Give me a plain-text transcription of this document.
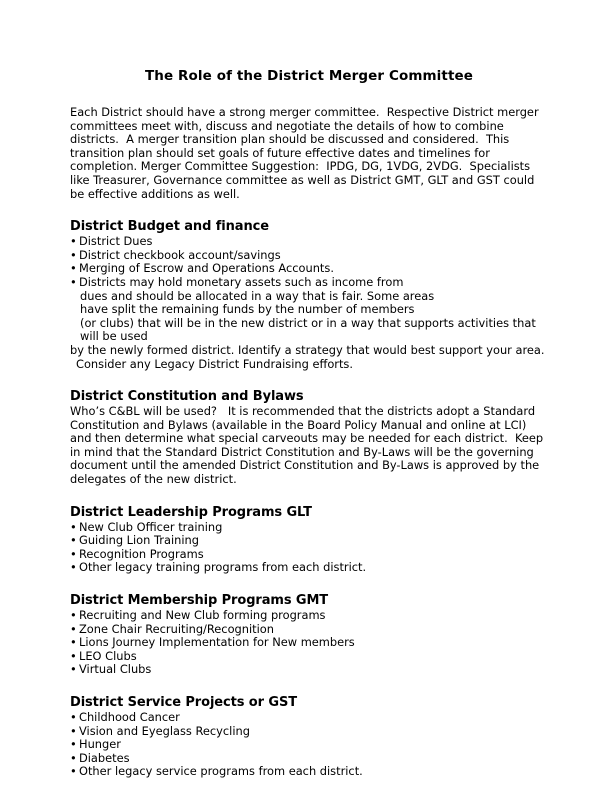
The Role of the District Merger Committee

Each District should have a strong merger committee.  Respective District merger committees meet with, discuss and negotiate the details of how to combine districts.  A merger transition plan should be discussed and considered.  This transition plan should set goals of future effective dates and timelines for completion. Merger Committee Suggestion:  IPDG, DG, 1VDG, 2VDG.  Specialists like Treasurer, Governance committee as well as District GMT, GLT and GST could be effective additions as well.

District Budget and finance
• District Dues
• District checkbook account/savings
• Merging of Escrow and Operations Accounts.
• Districts may hold monetary assets such as income from
dues and should be allocated in a way that is fair. Some areas
have split the remaining funds by the number of members
(or clubs) that will be in the new district or in a way that supports activities that will be used
by the newly formed district. Identify a strategy that would best support your area.
Consider any Legacy District Fundraising efforts.
District Constitution and Bylaws

Who’s C&BL will be used?   It is recommended that the districts adopt a Standard Constitution and Bylaws (available in the Board Policy Manual and online at LCI) and then determine what special carveouts may be needed for each district.  Keep in mind that the Standard District Constitution and By-Laws will be the governing document until the amended District Constitution and By-Laws is approved by the delegates of the new district.

District Leadership Programs GLT
• New Club Officer training
• Guiding Lion Training
• Recognition Programs
• Other legacy training programs from each district.
District Membership Programs GMT
• Recruiting and New Club forming programs
• Zone Chair Recruiting/Recognition
• Lions Journey Implementation for New members
• LEO Clubs
• Virtual Clubs
District Service Projects or GST
• Childhood Cancer
• Vision and Eyeglass Recycling
• Hunger
• Diabetes
• Other legacy service programs from each district.
